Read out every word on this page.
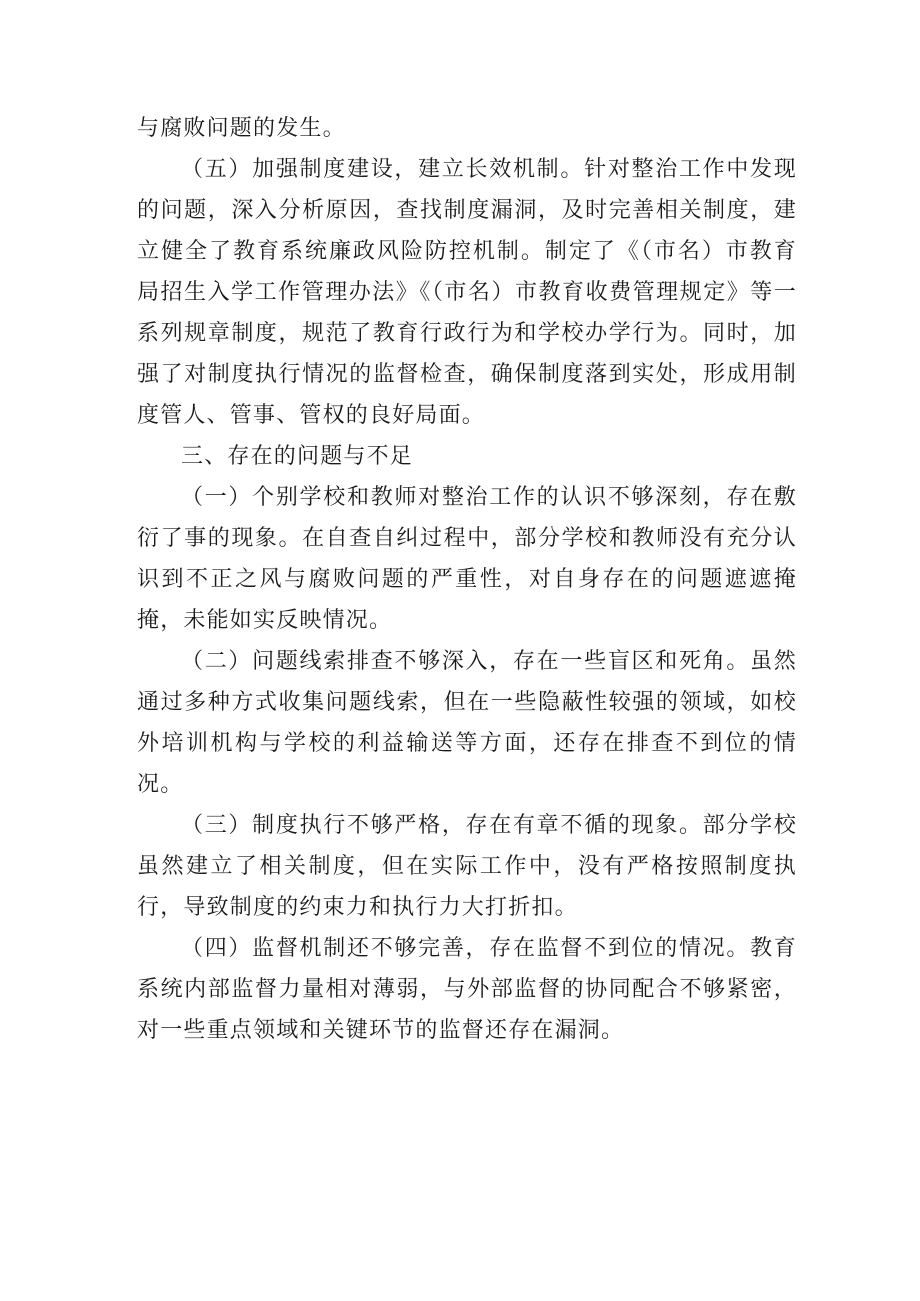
与腐败问题的发生。

（五）加强制度建设，建立长效机制。针对整治工作中发现的问题，深入分析原因，查找制度漏洞，及时完善相关制度，建立健全了教育系统廉政风险防控机制。制定了《（市名）市教育局招生入学工作管理办法》《（市名）市教育收费管理规定》等一系列规章制度，规范了教育行政行为和学校办学行为。同时，加强了对制度执行情况的监督检查，确保制度落到实处，形成用制度管人、管事、管权的良好局面。

三、存在的问题与不足

（一）个别学校和教师对整治工作的认识不够深刻，存在敷衍了事的现象。在自查自纠过程中，部分学校和教师没有充分认识到不正之风与腐败问题的严重性，对自身存在的问题遮遮掩掩，未能如实反映情况。

（二）问题线索排查不够深入，存在一些盲区和死角。虽然通过多种方式收集问题线索，但在一些隐蔽性较强的领域，如校外培训机构与学校的利益输送等方面，还存在排查不到位的情况。

（三）制度执行不够严格，存在有章不循的现象。部分学校虽然建立了相关制度，但在实际工作中，没有严格按照制度执行，导致制度的约束力和执行力大打折扣。

（四）监督机制还不够完善，存在监督不到位的情况。教育系统内部监督力量相对薄弱，与外部监督的协同配合不够紧密，对一些重点领域和关键环节的监督还存在漏洞。
